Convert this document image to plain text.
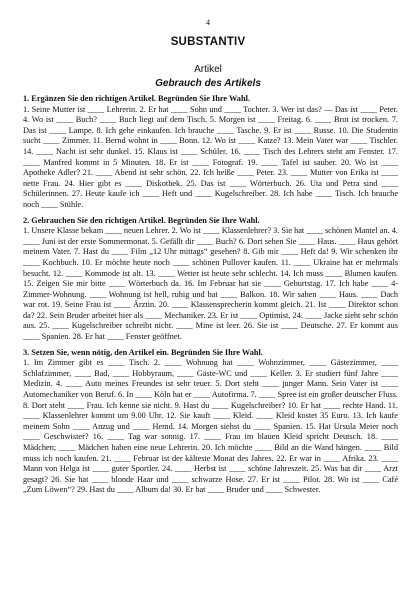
4
SUBSTANTIV
Artikel
Gebrauch des Artikels

1. Ergänzen Sie den richtigen Artikel. Begründen Sie Ihre Wahl.

1. Seine Mutter ist ____ Lehrerin. 2. Er hat ____ Sohn und ____ Tochter. 3. Wer ist das? — Das ist ____ Peter. 4. Wo ist ____ Buch? ____ Buch liegt auf dem Tisch. 5. Morgen ist ____ Freitag. 6. ____ Brot ist trocken. 7. Das ist ____ Lampe. 8. Ich gehe einkaufen. Ich brauche ____ Tasche. 9. Er ist ____ Russe. 10. Die Studentin sucht ____ Zimmer. 11. Bernd wohnt in ____ Bonn. 12. Wo ist ____ Katze? 13. Mein Vater war ____ Tischler. 14. ____ Nacht ist sehr dunkel. 15. Klaus ist ____ Schüler. 16. ____ Tisch des Lehrers steht am Fenster. 17. ____ Manfred kommt in 5 Minuten. 18. Er ist ____ Fotograf. 19. ____ Tafel ist sauber. 20. Wo ist ____ Apotheke Adler? 21. ____ Abend ist sehr schön. 22. Ich heiße ____ Peter. 23. ____ Mutter von Erika ist ____ nette Frau. 24. Hier gibt es ____ Diskothek. 25. Das ist ____ Wörterbuch. 26. Uta und Petra sind ____ Schülerinnen. 27. Heute kaufe ich ____ Heft und ____ Kugelschreiber. 28. Ich habe ____ Tisch. Ich brauche noch ____ Stühle.

2. Gebrauchen Sie den richtigen Artikel. Begründen Sie Ihre Wahl.

1. Unsere Klasse bekam ____ neuen Lehrer. 2. Wo ist ____ Klassenlehrer? 3. Sie hat ____ schönen Mantel an. 4. ____ Juni ist der erste Sommermonat. 5. Gefällt dir ____ Buch? 6. Dort sehen Sie ____ Haus. ____ Haus gehört meinem Vater. 7. Hast du ____ Film „12 Uhr mittags“ gesehen? 8. Gib mir ____ Heft da! 9. Wir schenken ihr ____ Kochbuch. 10. Er möchte heute noch ____ schönen Pullover kaufen. 11. ____ Ukraine hat er mehrmals besucht. 12. ____ Kommode ist alt. 13. ____ Wetter ist heute sehr schlecht. 14. Ich muss ____ Blumen kaufen. 15. Zeigen Sie mir bitte ____ Wörterbuch da. 16. Im Februar hat sie ____ Geburtstag. 17. Ich habe ____ 4-Zimmer-Wohnung. ____ Wohnung ist hell, ruhig und hat ____ Balkon. 18. Wir sahen ____ Haus. ____ Dach war rot. 19. Seine Frau ist ____ Ärztin. 20. ____ Klassensprecherin kommt gleich. 21. Ist ____ Direktor schon da? 22. Sein Bruder arbeitet hier als ____ Mechaniker. 23. Er ist ____ Optimist. 24. ____ Jacke sieht sehr schön aus. 25. ____ Kugelschreiber schreibt nicht. ____ Mine ist leer. 26. Sie ist ____ Deutsche. 27. Er kommt aus ____ Spanien. 28. Er hat ____ Fenster geöffnet.

3. Setzen Sie, wenn nötig, den Artikel ein. Begründen Sie Ihre Wahl.

1. Im Zimmer gibt es ____ Tisch. 2. ____ Wohnung hat ____ Wohnzimmer, ____ Gästezimmer, ____ Schlafzimmer, ____ Bad, ____ Hobbyraum, ____ Gäste-WC und ____ Keller. 3. Er studiert fünf Jahre ____ Medizin. 4. ____ Auto meines Freundes ist sehr teuer. 5. Dort steht ____ junger Mann. Sein Vater ist ____ Automechaniker von Beruf. 6. In ____ Köln hat er ____ Autofirma. 7. ____ Spree ist ein großer deutscher Fluss. 8. Dort steht ____ Frau. Ich kenne sie nicht. 9. Hast du ____ Kugelschreiber? 10. Er hat ____ rechte Hand. 11. ____ Klassenlehrer kommt um 9.00 Uhr. 12. Sie kauft ____ Kleid. ____ Kleid kostet 35 Euro. 13. Ich kaufe meinem Sohn ____ Anzug und ____ Hemd. 14. Morgen siehst du ____ Spanien. 15. Hat Ursula Meier noch ____ Geschwister? 16. ____ Tag war sonnig. 17. ____ Frau im blauen Kleid spricht Deutsch. 18. ____ Mädchen; ____ Mädchen haben eine neue Lehrerin. 20. Ich möchte ____ Bild an die Wand hängen. ____ Bild muss ich noch kaufen. 21. ____ Februar ist der kälteste Monat des Jahres. 22. Er war in ____ Afrika. 23. ____ Mann von Helga ist ____ guter Sportler. 24. ____ Herbst ist ____ schöne Jahreszeit. 25. Was hat dir ____ Arzt gesagt? 26. Sie hat ____ blonde Haar und ____ schwarze Hose. 27. Er ist ____ Pilot. 28. Wo ist ____ Café „Zum Löwen“? 29. Hast du ____ Album da! 30. Er hat ____ Bruder und ____ Schwester.
